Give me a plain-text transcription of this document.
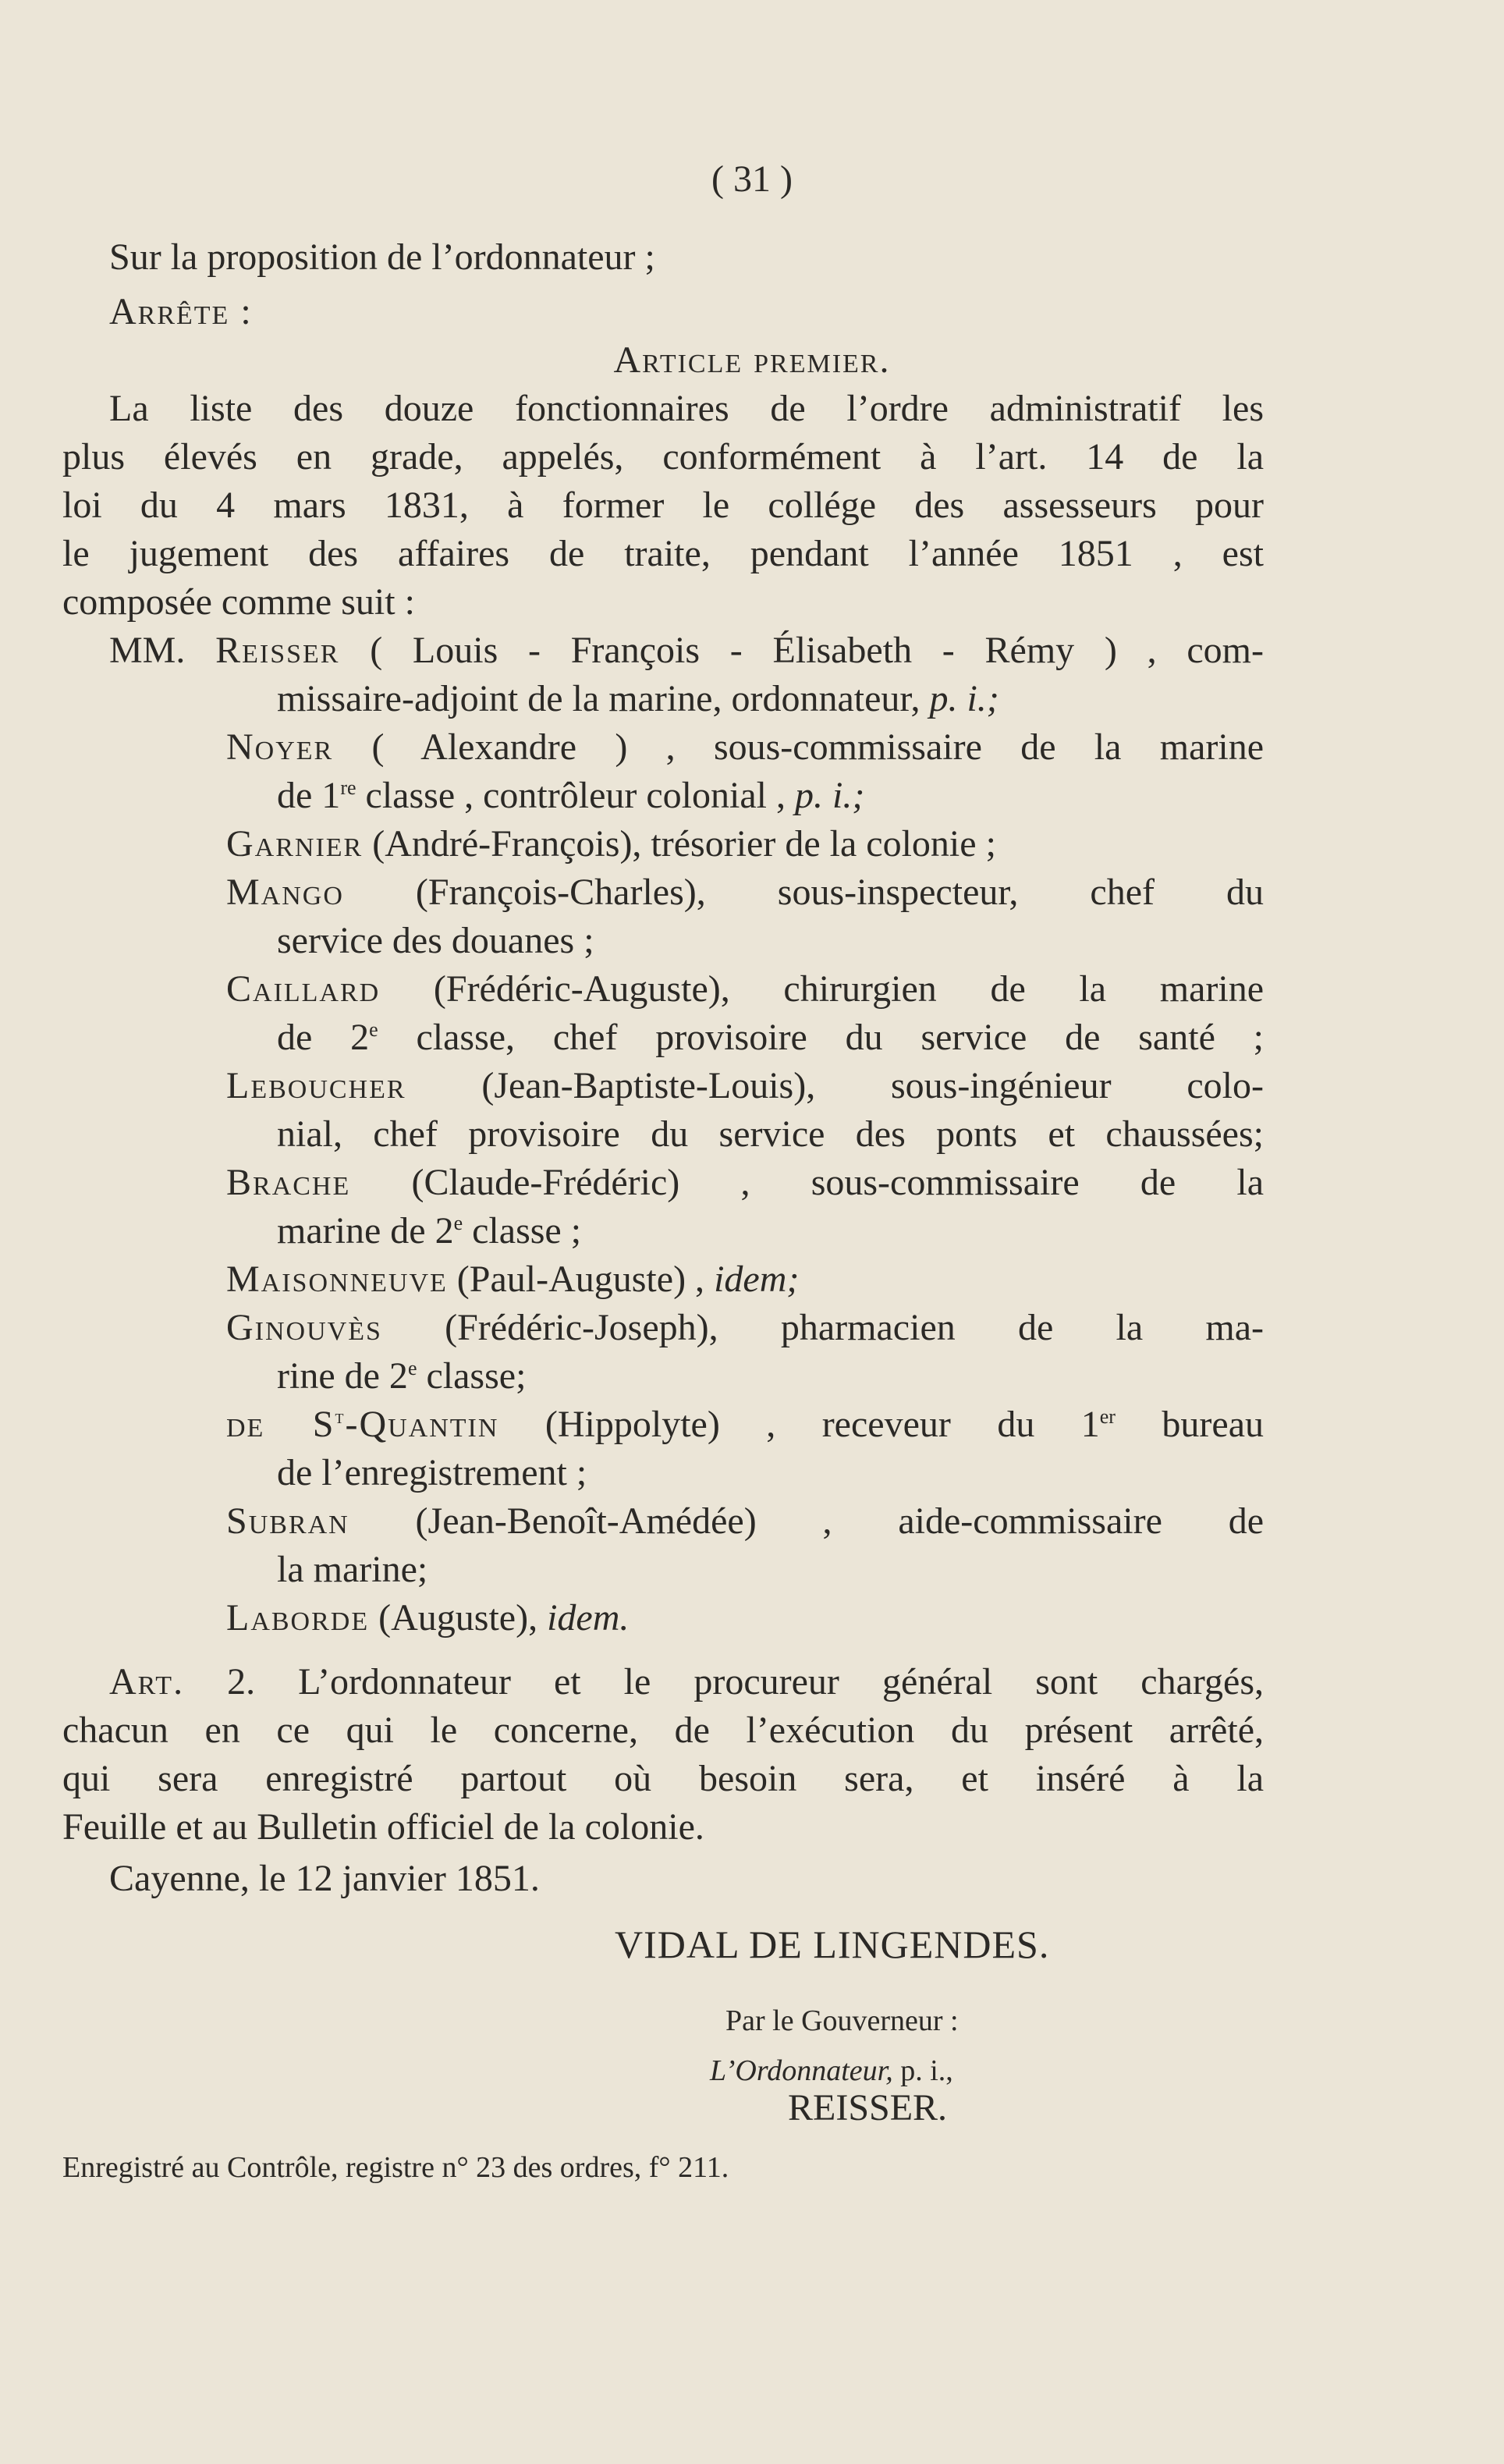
( 31 )
Sur la proposition de l’ordonnateur ;
Arrête :
Article premier.
La liste des douze fonctionnaires de l’ordre administratif les
plus élevés en grade, appelés, conformément à l’art. 14 de la
loi du 4 mars 1831, à former le collége des assesseurs pour
le jugement des affaires de traite, pendant l’année 1851 , est
composée comme suit :
MM. Reisser ( Louis - François - Élisabeth - Rémy ) , com-
missaire-adjoint de la marine, ordonnateur, p. i.;
Noyer ( Alexandre ) , sous-commissaire de la marine
de 1re classe , contrôleur colonial , p. i.;
Garnier (André-François), trésorier de la colonie ;
Mango (François-Charles), sous-inspecteur, chef du
service des douanes ;
Caillard (Frédéric-Auguste), chirurgien de la marine
de 2e classe, chef provisoire du service de santé ;
Leboucher (Jean-Baptiste-Louis), sous-ingénieur colo-
nial, chef provisoire du service des ponts et chaussées;
Brache (Claude-Frédéric) , sous-commissaire de la
marine de 2e classe ;
Maisonneuve (Paul-Auguste) , idem;
Ginouvès (Frédéric-Joseph), pharmacien de la ma-
rine de 2e classe;
de $S^t$-Quantin (Hippolyte) , receveur du 1er bureau
de l’enregistrement ;
Subran (Jean-Benoît-Amédée) , aide-commissaire de
la marine;
Laborde (Auguste), idem.
Art. 2. L’ordonnateur et le procureur général sont chargés,
chacun en ce qui le concerne, de l’exécution du présent arrêté,
qui sera enregistré partout où besoin sera, et inséré à la
Feuille et au Bulletin officiel de la colonie.
Cayenne, le 12 janvier 1851.
VIDAL DE LINGENDES.
Par le Gouverneur :
L’Ordonnateur, p. i.,
REISSER.
Enregistré au Contrôle, registre n° 23 des ordres, f° 211.
